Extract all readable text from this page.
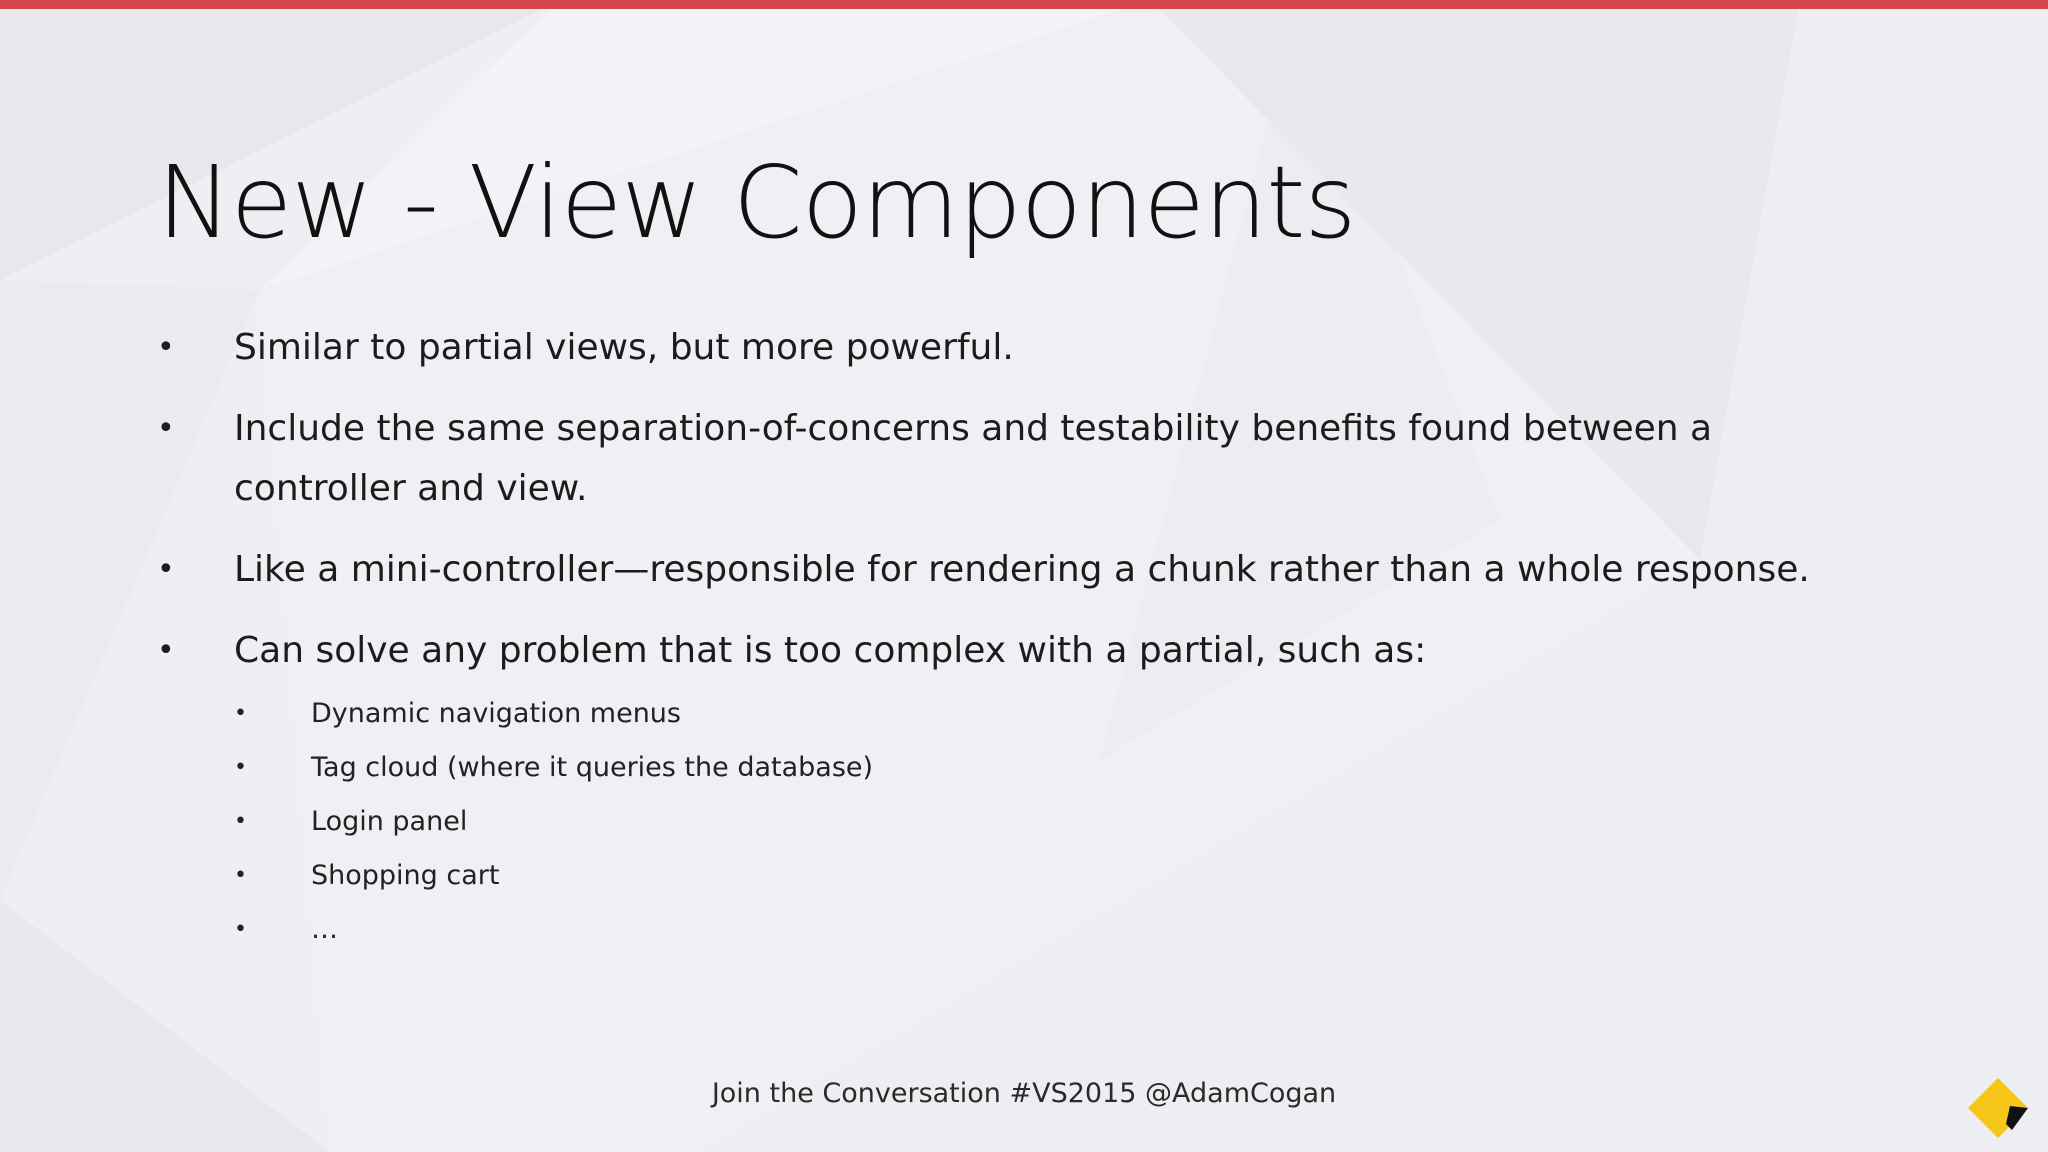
New - View Components
• Similar to partial views, but more powerful.
• Include the same separation-of-concerns and testability benefits found between a controller and view.
• Like a mini-controller—responsible for rendering a chunk rather than a whole response.
• Can solve any problem that is too complex with a partial, such as:
• Dynamic navigation menus
• Tag cloud (where it queries the database)
• Login panel
• Shopping cart
• …
Join the Conversation #VS2015 @AdamCogan
